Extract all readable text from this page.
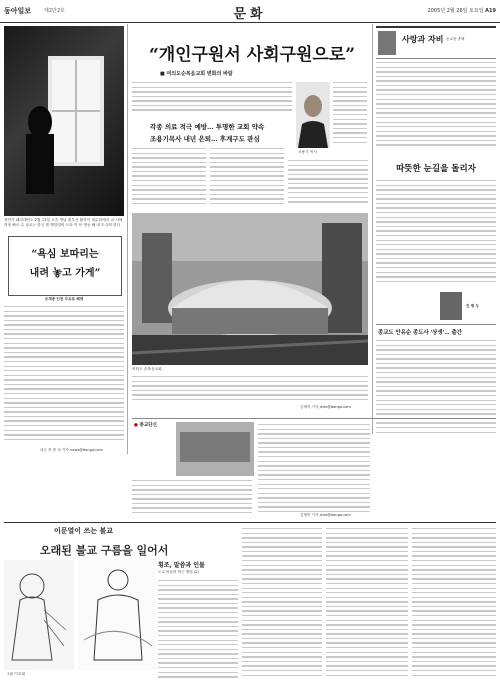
동아일보	제2만2호	문화	2005년 2월 26일 토요일 A19
천안가 패러대안노'2월 13일 오후 영남 칠부산 황학이 대무하에서 교 서에 의정 빠르 수 상교는 한국 칠 영암법의 도라 이 문 영동 해 내 트 2의 한다
“욕심 보따리는
내려 놓고 가게”
조계종 인천 주요로 혜제
대주 허 중 차 기자 news@donga.com
“개인구원서 사회구원으로”
■ 여의도순복음교회 변화의 바람
조용기 목사
각종 의료 적극 예방… 투명한 교회 약속
조용기목사 내년 은퇴… 후계구도 관심
여의도 순복음교회
김재이 기자 jkim@donga.com
사랑과 자비 동교찬 종택
따뜻한 눈길을 돌리자
진 병 두
종교도 안유순 종도사 '상생'… 출간
● 종교단신
김재이 기자 jkim@donga.com
이문열이 쓰는 불교
오래된 불교 구름을 일어서
그림 이호재
횡조, 말씀과 인물
도로 만들어 먹는 방법 (2)
